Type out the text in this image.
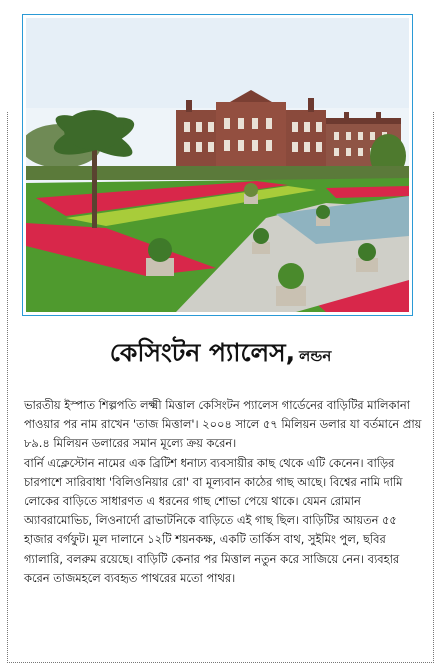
কেসিংটন প্যালেস, লন্ডন

ভারতীয় ইস্পাত শিল্পপতি লক্ষ্মী মিত্তাল কেসিংটন প্যালেস গার্ডেনের বাড়িটির মালিকানা পাওয়ার পর নাম রাখেন 'তাজ মিত্তাল'। ২০০৪ সালে ৫৭ মিলিয়ন ডলার যা বর্তমানে প্রায় ৮৯.৪ মিলিয়ন ডলারের সমান মূল্যে ক্রয় করেন।

বার্নি এক্লেস্টোন নামের এক ব্রিটিশ ধনাঢ্য ব্যবসায়ীর কাছ থেকে এটি কেনেন। বাড়ির চারপাশে সারিবাধা 'বিলিওনিয়ার রো' বা মূল্যবান কাঠের গাছ আছে। বিশ্বের নামি দামি লোকের বাড়িতে সাধারণত এ ধরনের গাছ শোভা পেয়ে থাকে। যেমন রোমান অ্যাবরামোভিচ, লিওনার্দো ব্রাভাটনিকে বাড়িতে এই গাছ ছিল। বাড়িটির আয়তন ৫৫ হাজার বর্গফুট। মূল দালানে ১২টি শয়নকক্ষ, একটি তার্কিস বাথ, সুইমিং পুল, ছবির গ্যালারি, বলরুম রয়েছে। বাড়িটি কেনার পর মিত্তাল নতুন করে সাজিয়ে নেন। ব্যবহার করেন তাজমহলে ব্যবহৃত পাথরের মতো পাথর।
